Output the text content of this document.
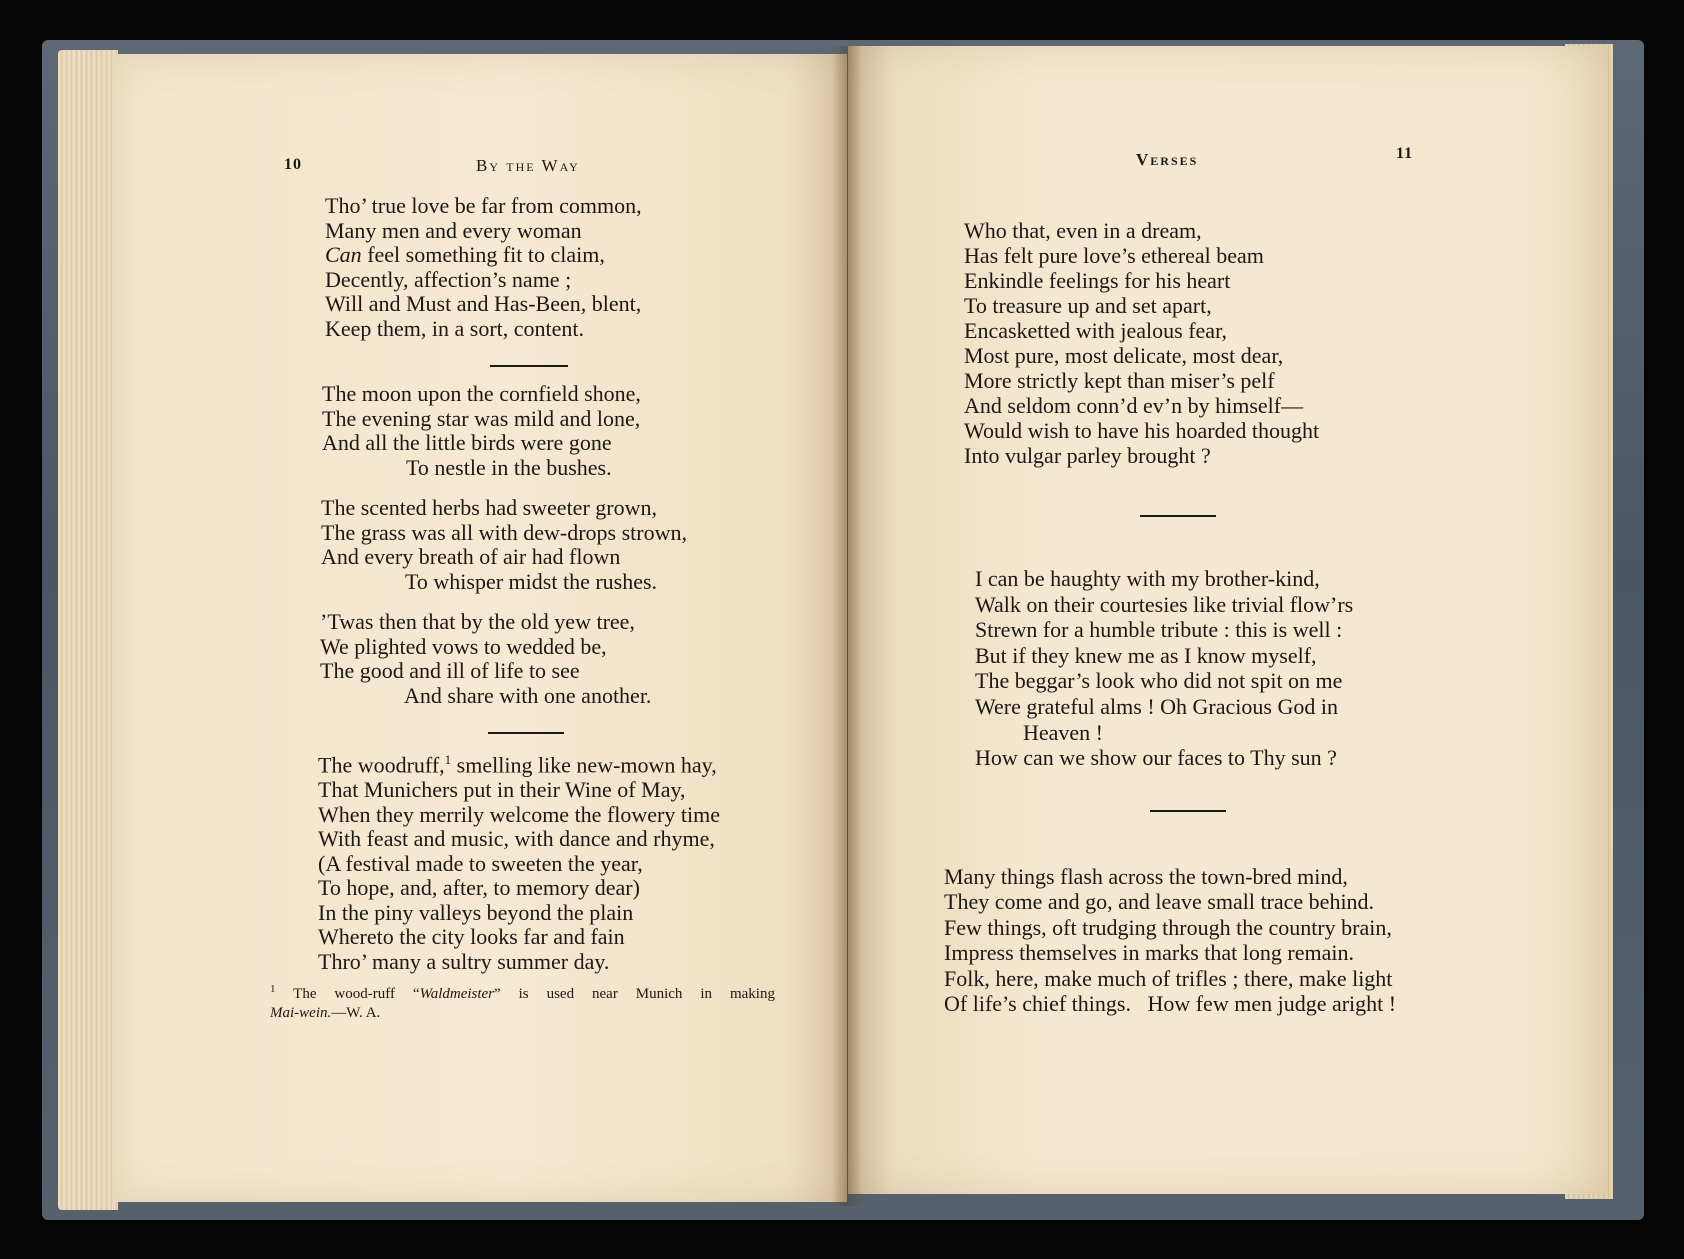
10	By the Way
Tho’ true love be far from common,
Many men and every woman
Can feel something fit to claim,
Decently, affection’s name ;
Will and Must and Has-Been, blent,
Keep them, in a sort, content.
The moon upon the cornfield shone,
The evening star was mild and lone,
And all the little birds were gone
To nestle in the bushes.
The scented herbs had sweeter grown,
The grass was all with dew-drops strown,
And every breath of air had flown
To whisper midst the rushes.
’Twas then that by the old yew tree,
We plighted vows to wedded be,
The good and ill of life to see
And share with one another.
The woodruff,$^1$ smelling like new-mown hay,
That Munichers put in their Wine of May,
When they merrily welcome the flowery time
With feast and music, with dance and rhyme,
(A festival made to sweeten the year,
To hope, and, after, to memory dear)
In the piny valleys beyond the plain
Whereto the city looks far and fain
Thro’ many a sultry summer day.
$^1$ The wood-ruff “Waldmeister” is used near Munich in making
Mai-wein.—W. A.
Verses	11
Who that, even in a dream,
Has felt pure love’s ethereal beam
Enkindle feelings for his heart
To treasure up and set apart,
Encasketted with jealous fear,
Most pure, most delicate, most dear,
More strictly kept than miser’s pelf
And seldom conn’d ev’n by himself—
Would wish to have his hoarded thought
Into vulgar parley brought ?
I can be haughty with my brother-kind,
Walk on their courtesies like trivial flow’rs
Strewn for a humble tribute : this is well :
But if they knew me as I know myself,
The beggar’s look who did not spit on me
Were grateful alms ! Oh Gracious God in
Heaven !
How can we show our faces to Thy sun ?
Many things flash across the town-bred mind,
They come and go, and leave small trace behind.
Few things, oft trudging through the country brain,
Impress themselves in marks that long remain.
Folk, here, make much of trifles ; there, make light
Of life’s chief things.   How few men judge aright !
